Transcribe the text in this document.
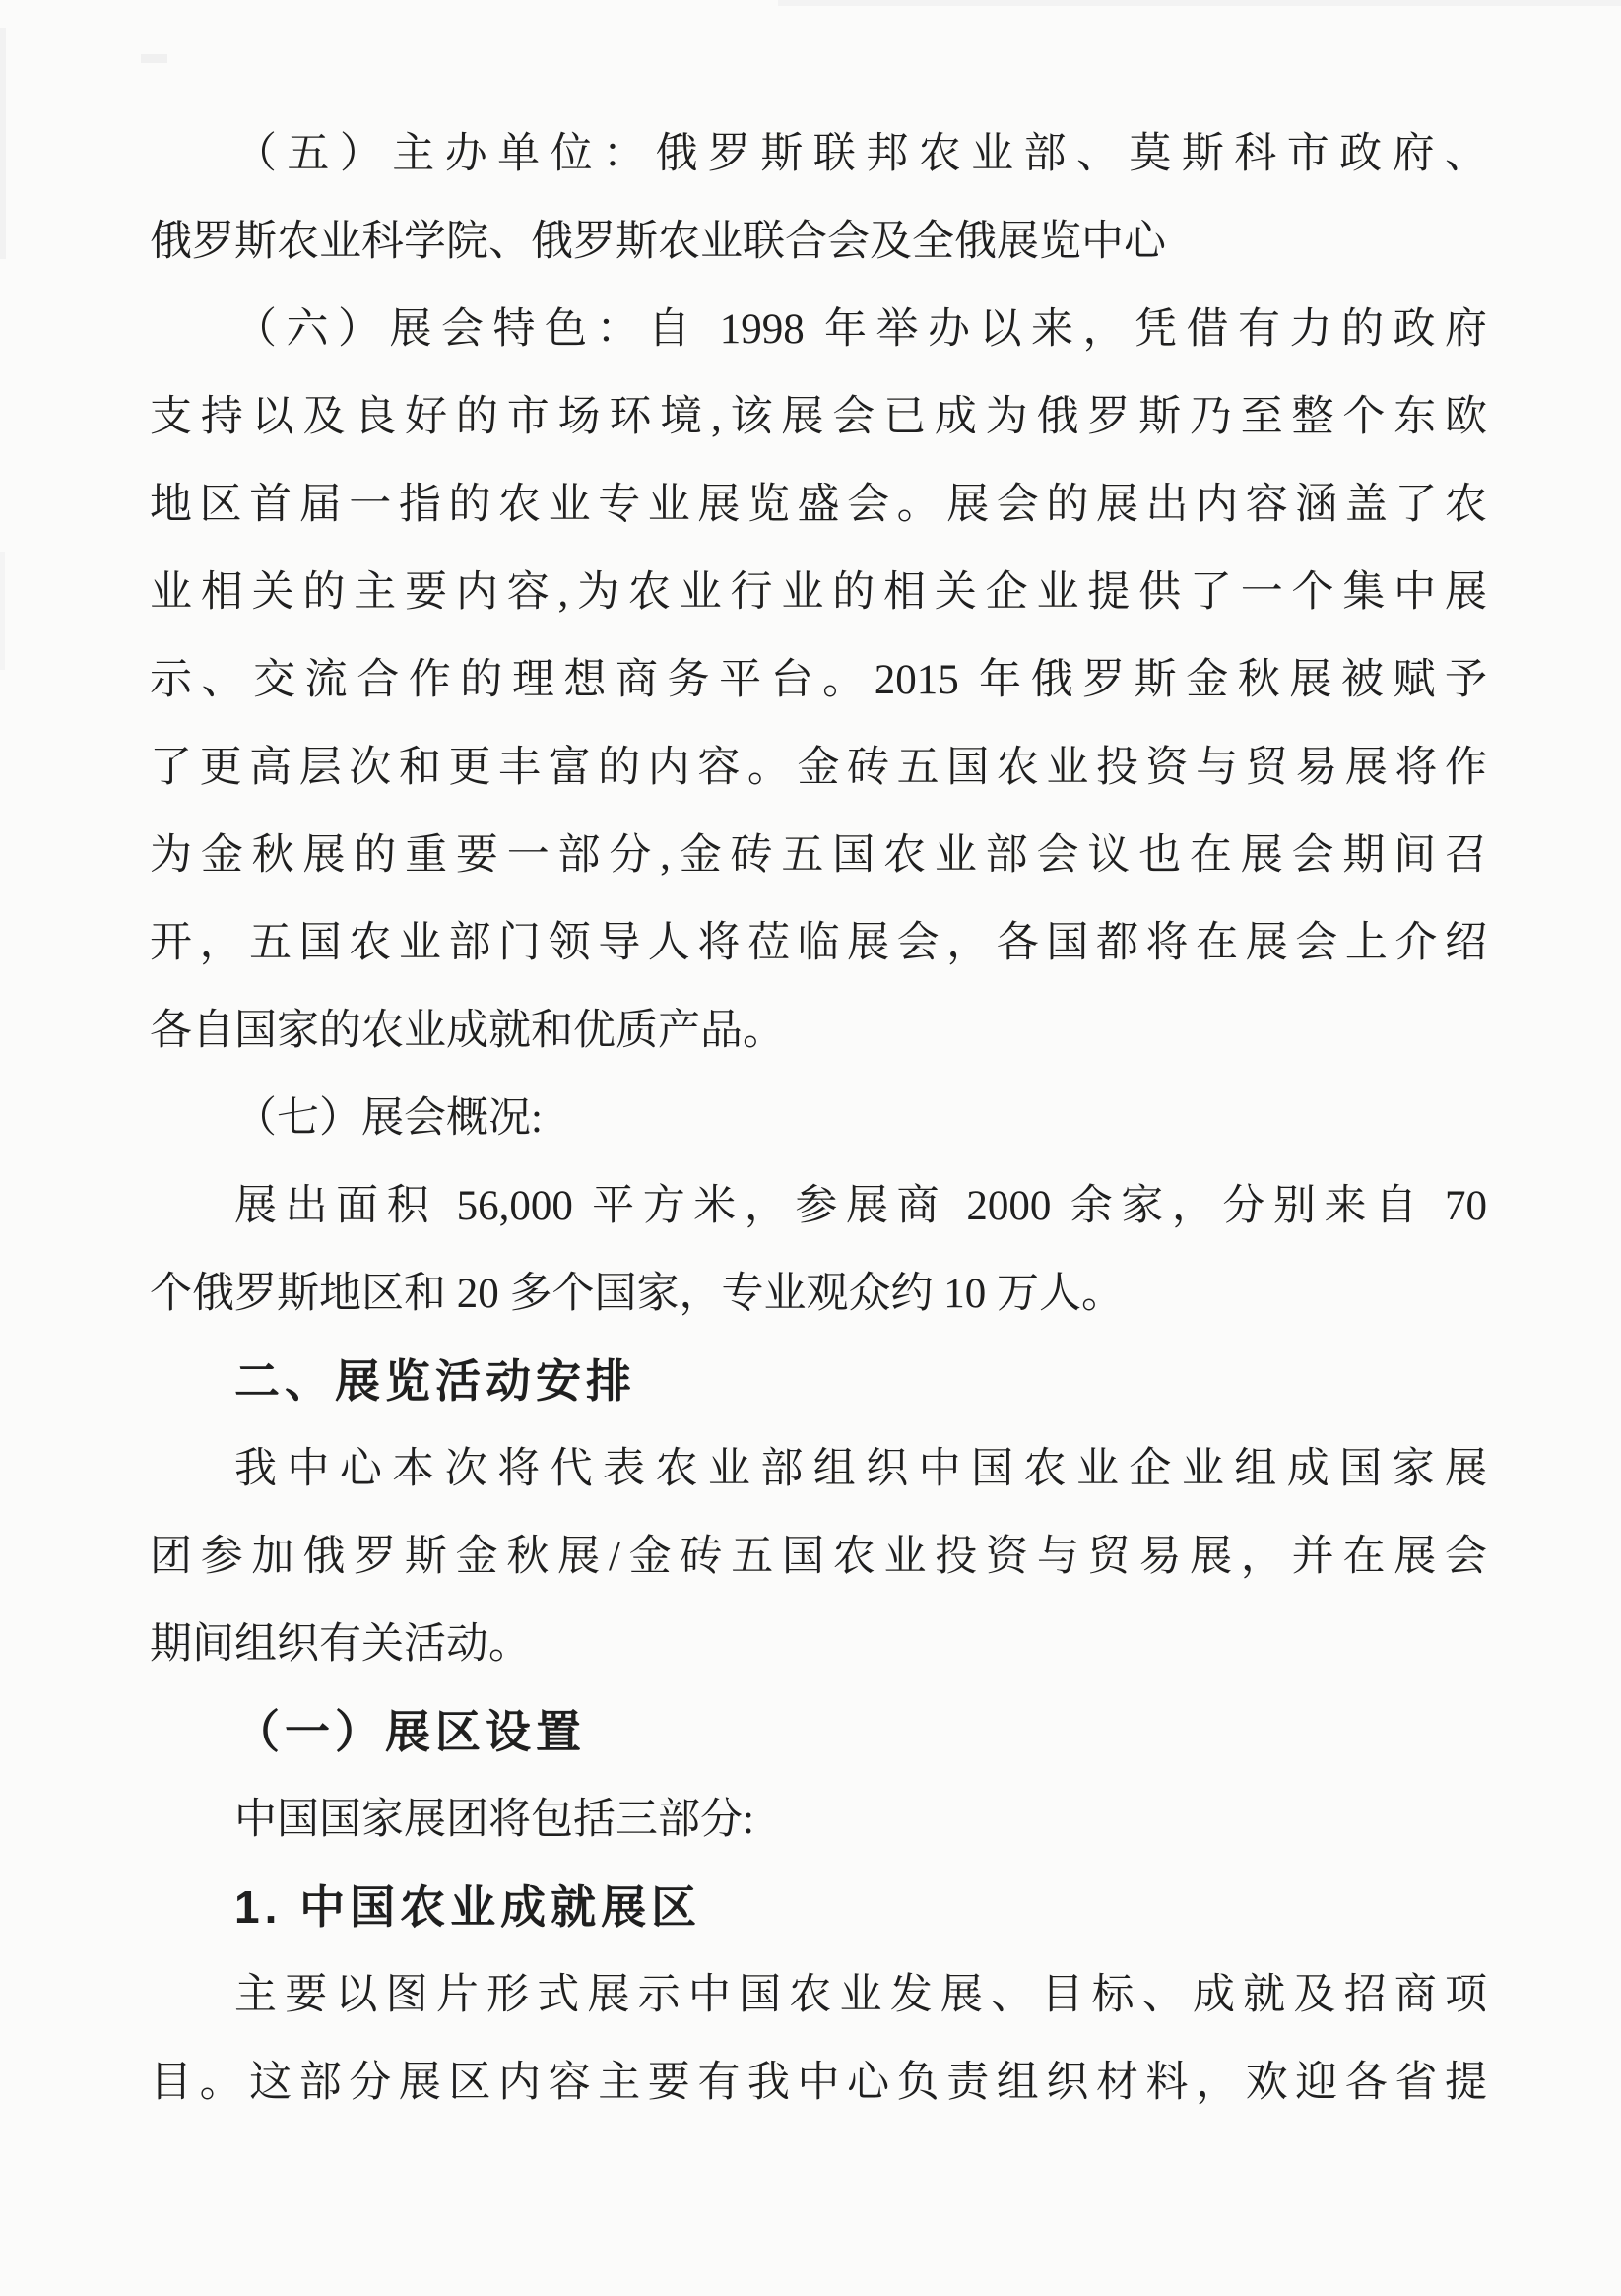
（五）主办单位：俄罗斯联邦农业部、莫斯科市政府、
俄罗斯农业科学院、俄罗斯农业联合会及全俄展览中心
（六）展会特色：自 1998 年举办以来，凭借有力的政府
支持以及良好的市场环境,该展会已成为俄罗斯乃至整个东欧
地区首届一指的农业专业展览盛会。展会的展出内容涵盖了农
业相关的主要内容,为农业行业的相关企业提供了一个集中展
示、交流合作的理想商务平台。2015 年俄罗斯金秋展被赋予
了更高层次和更丰富的内容。金砖五国农业投资与贸易展将作
为金秋展的重要一部分,金砖五国农业部会议也在展会期间召
开，五国农业部门领导人将莅临展会，各国都将在展会上介绍
各自国家的农业成就和优质产品。
（七）展会概况:
展出面积 56,000 平方米，参展商 2000 余家，分别来自 70
个俄罗斯地区和 20 多个国家，专业观众约 10 万人。
二、展览活动安排
我中心本次将代表农业部组织中国农业企业组成国家展
团参加俄罗斯金秋展/金砖五国农业投资与贸易展，并在展会
期间组织有关活动。
（一）展区设置
中国国家展团将包括三部分:
1. 中国农业成就展区
主要以图片形式展示中国农业发展、目标、成就及招商项
目。这部分展区内容主要有我中心负责组织材料，欢迎各省提
